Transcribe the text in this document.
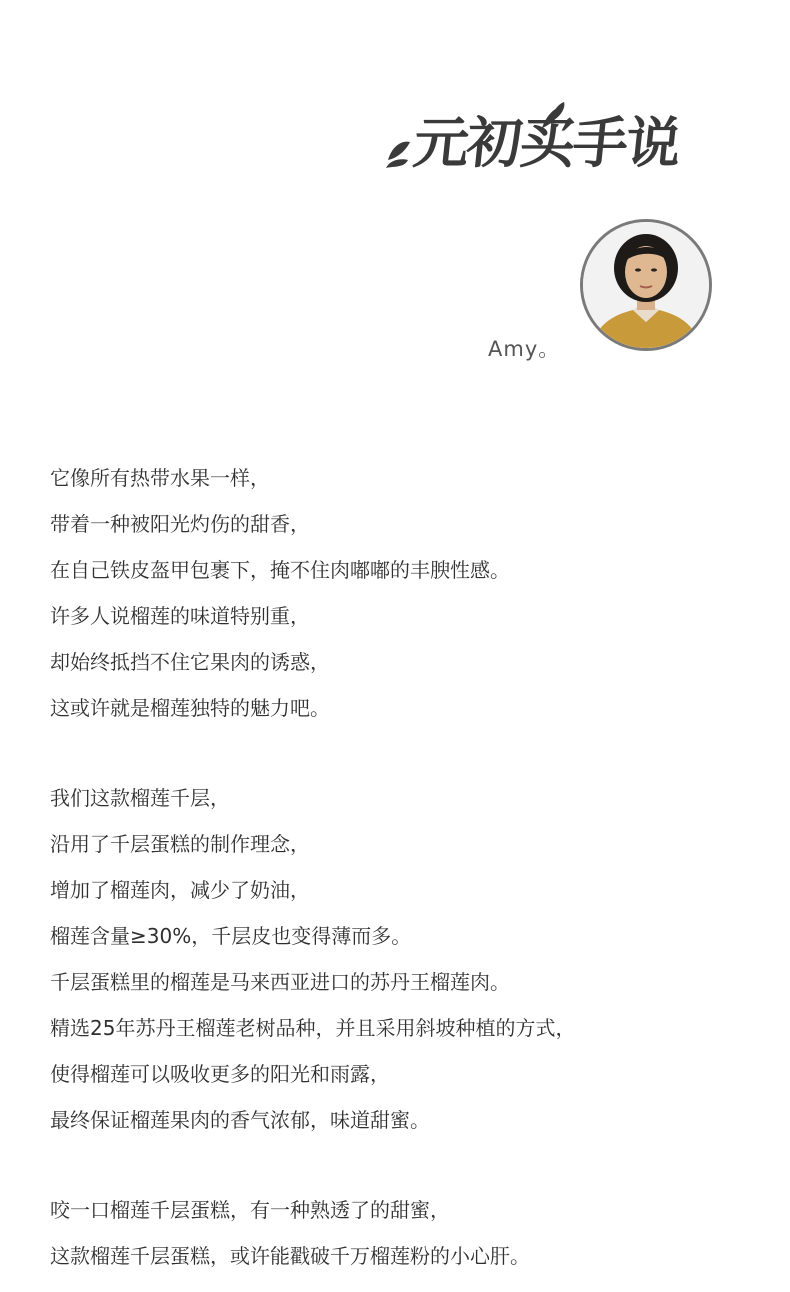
元初买手说
Amy。
它像所有热带水果一样，
带着一种被阳光灼伤的甜香，
在自己铁皮盔甲包裹下，掩不住肉嘟嘟的丰腴性感。
许多人说榴莲的味道特别重，
却始终抵挡不住它果肉的诱惑，
这或许就是榴莲独特的魅力吧。
我们这款榴莲千层，
沿用了千层蛋糕的制作理念，
增加了榴莲肉，减少了奶油，
榴莲含量≥30%，千层皮也变得薄而多。
千层蛋糕里的榴莲是马来西亚进口的苏丹王榴莲肉。
精选25年苏丹王榴莲老树品种，并且采用斜坡种植的方式，
使得榴莲可以吸收更多的阳光和雨露，
最终保证榴莲果肉的香气浓郁，味道甜蜜。
咬一口榴莲千层蛋糕，有一种熟透了的甜蜜，
这款榴莲千层蛋糕，或许能戳破千万榴莲粉的小心肝。
